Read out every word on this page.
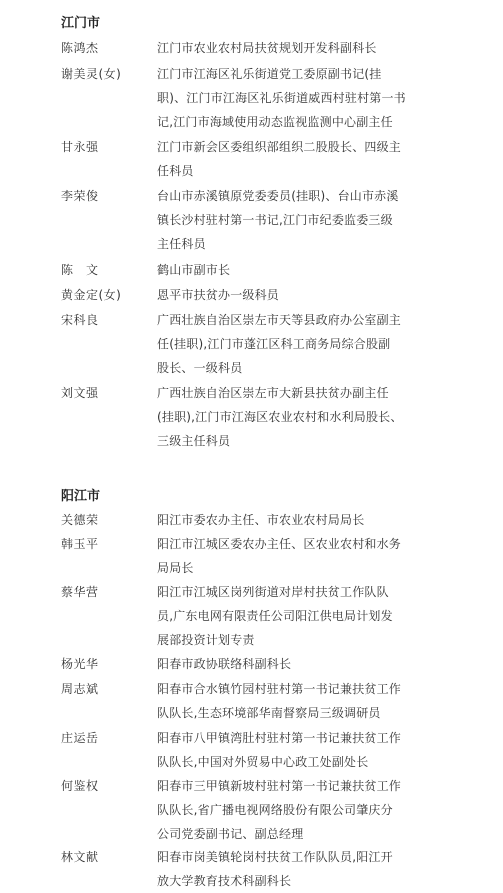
江门市
陈鸿杰	江门市农业农村局扶贫规划开发科副科长
谢美灵(女)	江门市江海区礼乐街道党工委原副书记(挂
职)、江门市江海区礼乐街道威西村驻村第一书
记,江门市海域使用动态监视监测中心副主任
甘永强	江门市新会区委组织部组织二股股长、四级主
任科员
李荣俊	台山市赤溪镇原党委委员(挂职)、台山市赤溪
镇长沙村驻村第一书记,江门市纪委监委三级
主任科员
陈　文	鹤山市副市长
黄金定(女)	恩平市扶贫办一级科员
宋科良	广西壮族自治区崇左市天等县政府办公室副主
任(挂职),江门市蓬江区科工商务局综合股副
股长、一级科员
刘文强	广西壮族自治区崇左市大新县扶贫办副主任
(挂职),江门市江海区农业农村和水利局股长、
三级主任科员
阳江市
关德荣	阳江市委农办主任、市农业农村局局长
韩玉平	阳江市江城区委农办主任、区农业农村和水务
局局长
蔡华营	阳江市江城区岗列街道对岸村扶贫工作队队
员,广东电网有限责任公司阳江供电局计划发
展部投资计划专责
杨光华	阳春市政协联络科副科长
周志斌	阳春市合水镇竹园村驻村第一书记兼扶贫工作
队队长,生态环境部华南督察局三级调研员
庄运岳	阳春市八甲镇湾肚村驻村第一书记兼扶贫工作
队队长,中国对外贸易中心政工处副处长
何鉴权	阳春市三甲镇新坡村驻村第一书记兼扶贫工作
队队长,省广播电视网络股份有限公司肇庆分
公司党委副书记、副总经理
林文献	阳春市岗美镇轮岗村扶贫工作队队员,阳江开
放大学教育技术科副科长
